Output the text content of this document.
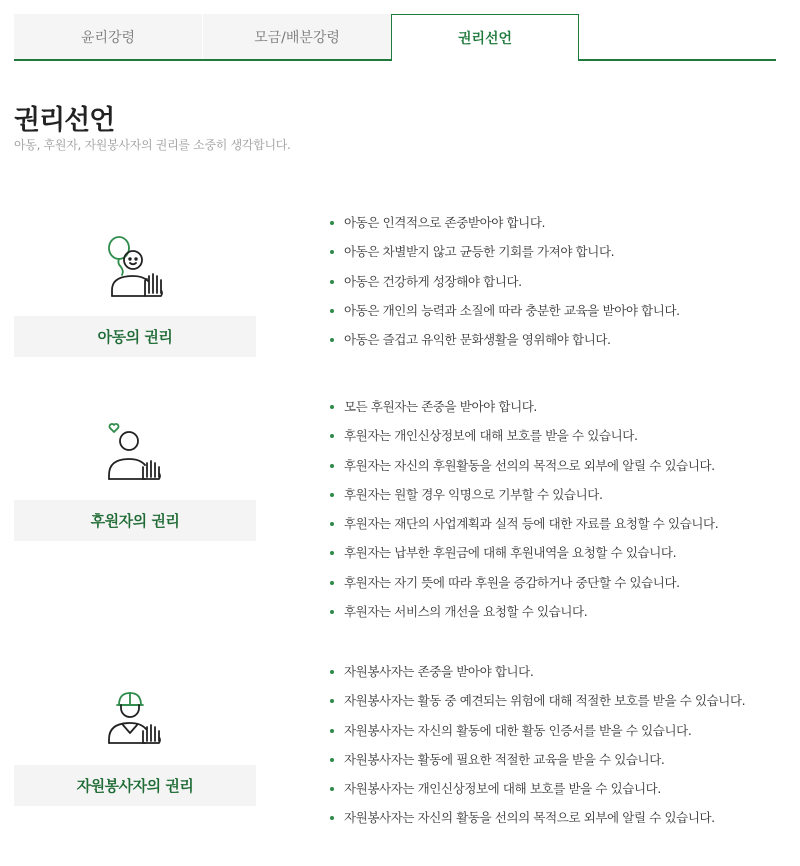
윤리강령	모금/배분강령	권리선언
권리선언
아동, 후원자, 자원봉사자의 권리를 소중히 생각합니다.
아동의 권리
아동은 인격적으로 존중받아야 합니다.
아동은 차별받지 않고 균등한 기회를 가져야 합니다.
아동은 건강하게 성장해야 합니다.
아동은 개인의 능력과 소질에 따라 충분한 교육을 받아야 합니다.
아동은 즐겁고 유익한 문화생활을 영위해야 합니다.
후원자의 권리
모든 후원자는 존중을 받아야 합니다.
후원자는 개인신상정보에 대해 보호를 받을 수 있습니다.
후원자는 자신의 후원활동을 선의의 목적으로 외부에 알릴 수 있습니다.
후원자는 원할 경우 익명으로 기부할 수 있습니다.
후원자는 재단의 사업계획과 실적 등에 대한 자료를 요청할 수 있습니다.
후원자는 납부한 후원금에 대해 후원내역을 요청할 수 있습니다.
후원자는 자기 뜻에 따라 후원을 증감하거나 중단할 수 있습니다.
후원자는 서비스의 개선을 요청할 수 있습니다.
자원봉사자의 권리
자원봉사자는 존중을 받아야 합니다.
자원봉사자는 활동 중 예견되는 위험에 대해 적절한 보호를 받을 수 있습니다.
자원봉사자는 자신의 활동에 대한 활동 인증서를 받을 수 있습니다.
자원봉사자는 활동에 필요한 적절한 교육을 받을 수 있습니다.
자원봉사자는 개인신상정보에 대해 보호를 받을 수 있습니다.
자원봉사자는 자신의 활동을 선의의 목적으로 외부에 알릴 수 있습니다.
